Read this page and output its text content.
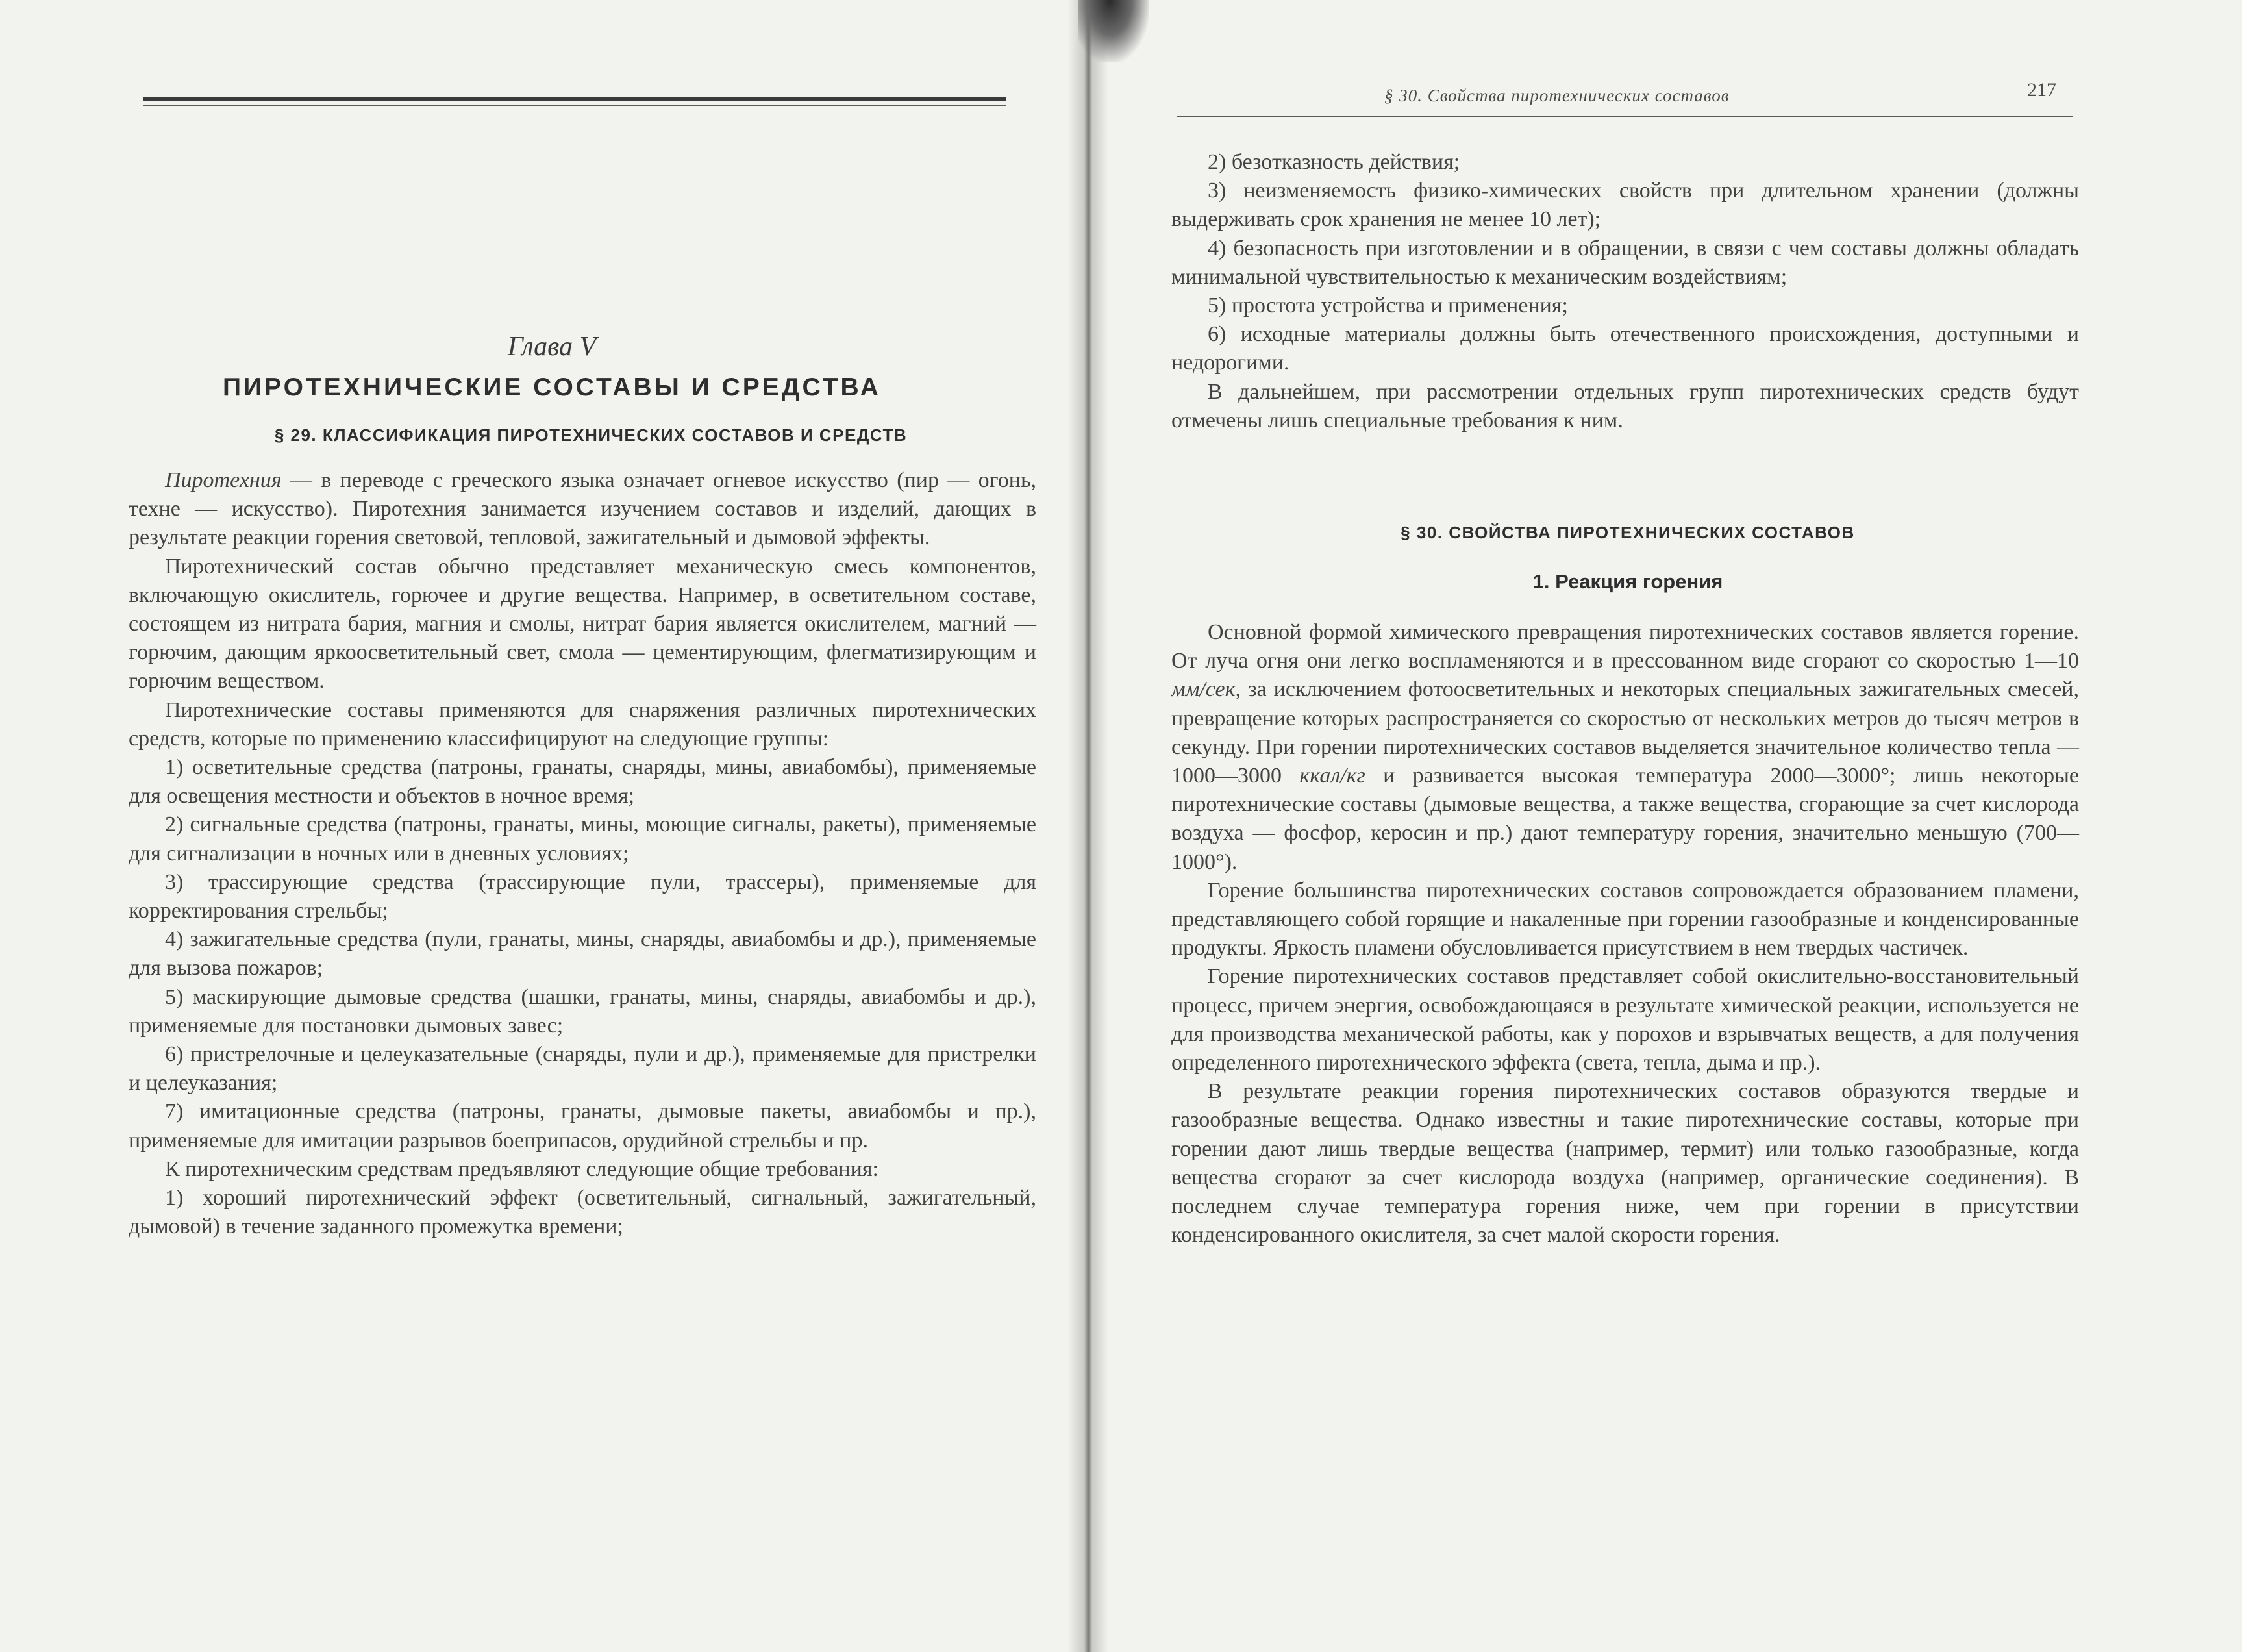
Глава V
ПИРОТЕХНИЧЕСКИЕ СОСТАВЫ И СРЕДСТВА
§ 29. КЛАССИФИКАЦИЯ ПИРОТЕХНИЧЕСКИХ СОСТАВОВ И СРЕДСТВ

Пиротехния — в переводе с греческого языка означает огневое искусство (пир — огонь, техне — искусство). Пиротехния занимается изучением составов и изделий, дающих в результате реакции горения световой, тепловой, зажигательный и дымовой эффекты.

Пиротехнический состав обычно представляет механическую смесь компонентов, включающую окислитель, горючее и другие вещества. Например, в осветительном составе, состоящем из нитрата бария, магния и смолы, нитрат бария является окислителем, магний — горючим, дающим яркоосветительный свет, смола — цементирующим, флегматизирующим и горючим веществом.

Пиротехнические составы применяются для снаряжения различных пиротехнических средств, которые по применению классифицируют на следующие группы:

1) осветительные средства (патроны, гранаты, снаряды, мины, авиабомбы), применяемые для освещения местности и объектов в ночное время;

2) сигнальные средства (патроны, гранаты, мины, моющие сигналы, ракеты), применяемые для сигнализации в ночных или в дневных условиях;

3) трассирующие средства (трассирующие пули, трассеры), применяемые для корректирования стрельбы;

4) зажигательные средства (пули, гранаты, мины, снаряды, авиабомбы и др.), применяемые для вызова пожаров;

5) маскирующие дымовые средства (шашки, гранаты, мины, снаряды, авиабомбы и др.), применяемые для постановки дымовых завес;

6) пристрелочные и целеуказательные (снаряды, пули и др.), применяемые для пристрелки и целеуказания;

7) имитационные средства (патроны, гранаты, дымовые пакеты, авиабомбы и пр.), применяемые для имитации разрывов боеприпасов, орудийной стрельбы и пр.

К пиротехническим средствам предъявляют следующие общие требования:

1) хороший пиротехнический эффект (осветительный, сигнальный, зажигательный, дымовой) в течение заданного промежутка времени;

§ 30. Свойства пиротехнических составов	217

2) безотказность действия;

3) неизменяемость физико-химических свойств при длительном хранении (должны выдерживать срок хранения не менее 10 лет);

4) безопасность при изготовлении и в обращении, в связи с чем составы должны обладать минимальной чувствительностью к механическим воздействиям;

5) простота устройства и применения;

6) исходные материалы должны быть отечественного происхождения, доступными и недорогими.

В дальнейшем, при рассмотрении отдельных групп пиротехнических средств будут отмечены лишь специальные требования к ним.

§ 30. СВОЙСТВА ПИРОТЕХНИЧЕСКИХ СОСТАВОВ
1. Реакция горения

Основной формой химического превращения пиротехнических составов является горение. От луча огня они легко воспламеняются и в прессованном виде сгорают со скоростью 1—10 мм/сек, за исключением фотоосветительных и некоторых специальных зажигательных смесей, превращение которых распространяется со скоростью от нескольких метров до тысяч метров в секунду. При горении пиротехнических составов выделяется значительное количество тепла — 1000—3000 ккал/кг и развивается высокая температура 2000—3000°; лишь некоторые пиротехнические составы (дымовые вещества, а также вещества, сгорающие за счет кислорода воздуха — фосфор, керосин и пр.) дают температуру горения, значительно меньшую (700—1000°).

Горение большинства пиротехнических составов сопровождается образованием пламени, представляющего собой горящие и накаленные при горении газообразные и конденсированные продукты. Яркость пламени обусловливается присутствием в нем твердых частичек.

Горение пиротехнических составов представляет собой окислительно-восстановительный процесс, причем энергия, освобождающаяся в результате химической реакции, используется не для производства механической работы, как у порохов и взрывчатых веществ, а для получения определенного пиротехнического эффекта (света, тепла, дыма и пр.).

В результате реакции горения пиротехнических составов образуются твердые и газообразные вещества. Однако известны и такие пиротехнические составы, которые при горении дают лишь твердые вещества (например, термит) или только газообразные, когда вещества сгорают за счет кислорода воздуха (например, органические соединения). В последнем случае температура горения ниже, чем при горении в присутствии конденсированного окислителя, за счет малой скорости горения.
